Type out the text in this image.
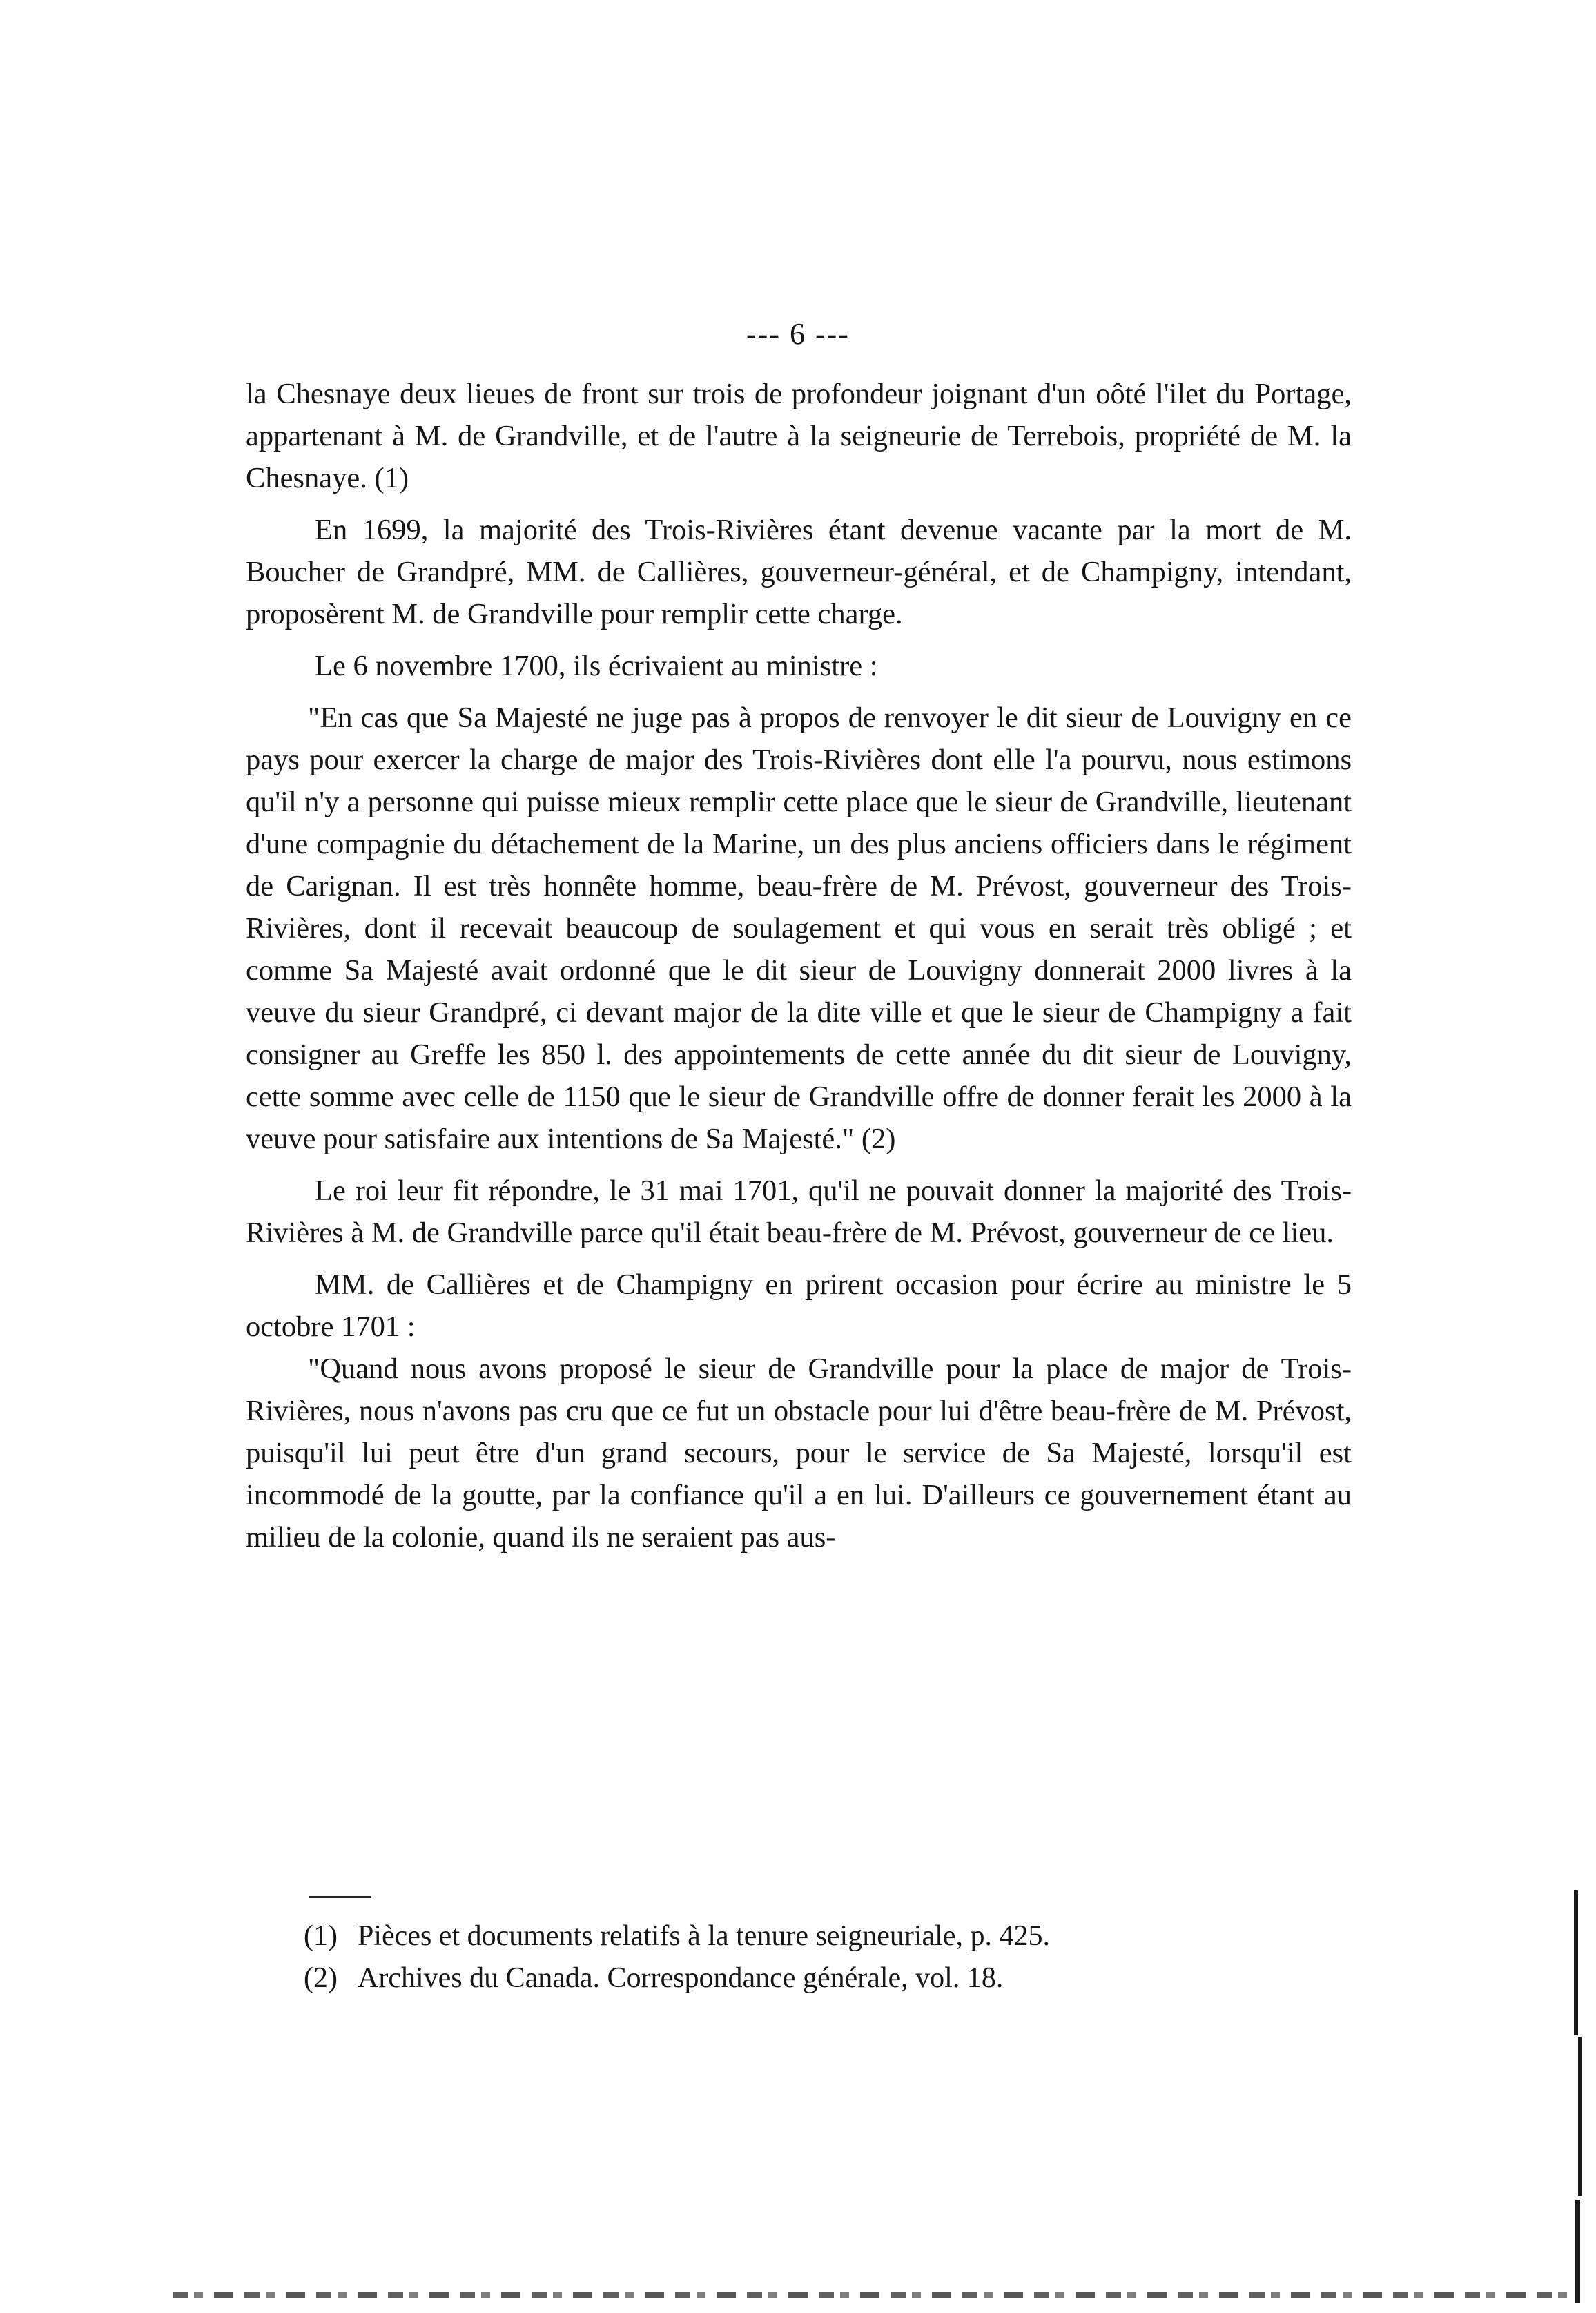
--- 6 ---

la Chesnaye deux lieues de front sur trois de profondeur joignant d'un oôté l'ilet du Portage, appartenant à M. de Grandville, et de l'autre à la seigneurie de Terrebois, propriété de M. la Chesnaye. (1)

En 1699, la majorité des Trois-Rivières étant devenue vacante par la mort de M. Boucher de Grandpré, MM. de Callières, gouverneur-général, et de Champigny, intendant, proposèrent M. de Grandville pour remplir cette charge.

Le 6 novembre 1700, ils écrivaient au ministre :

"En cas que Sa Majesté ne juge pas à propos de renvoyer le dit sieur de Louvigny en ce pays pour exercer la charge de major des Trois-Rivières dont elle l'a pourvu, nous estimons qu'il n'y a personne qui puisse mieux remplir cette place que le sieur de Grandville, lieutenant d'une compagnie du détachement de la Marine, un des plus anciens officiers dans le régiment de Carignan. Il est très honnête homme, beau-frère de M. Prévost, gouverneur des Trois-Rivières, dont il recevait beaucoup de soulagement et qui vous en serait très obligé ; et comme Sa Majesté avait ordonné que le dit sieur de Louvigny donnerait 2000 livres à la veuve du sieur Grandpré, ci devant major de la dite ville et que le sieur de Champigny a fait consigner au Greffe les 850 l. des appointements de cette année du dit sieur de Louvigny, cette somme avec celle de 1150 que le sieur de Grandville offre de donner ferait les 2000 à la veuve pour satisfaire aux intentions de Sa Majesté." (2)

Le roi leur fit répondre, le 31 mai 1701, qu'il ne pouvait donner la majorité des Trois-Rivières à M. de Grandville parce qu'il était beau-frère de M. Prévost, gouverneur de ce lieu.

MM. de Callières et de Champigny en prirent occasion pour écrire au ministre le 5 octobre 1701 :

"Quand nous avons proposé le sieur de Grandville pour la place de major de Trois-Rivières, nous n'avons pas cru que ce fut un obstacle pour lui d'être beau-frère de M. Prévost, puisqu'il lui peut être d'un grand secours, pour le service de Sa Majesté, lorsqu'il est incommodé de la goutte, par la confiance qu'il a en lui. D'ailleurs ce gouvernement étant au milieu de la colonie, quand ils ne seraient pas aus-

(1) Pièces et documents relatifs à la tenure seigneuriale, p. 425.
(2) Archives du Canada. Correspondance générale, vol. 18.
